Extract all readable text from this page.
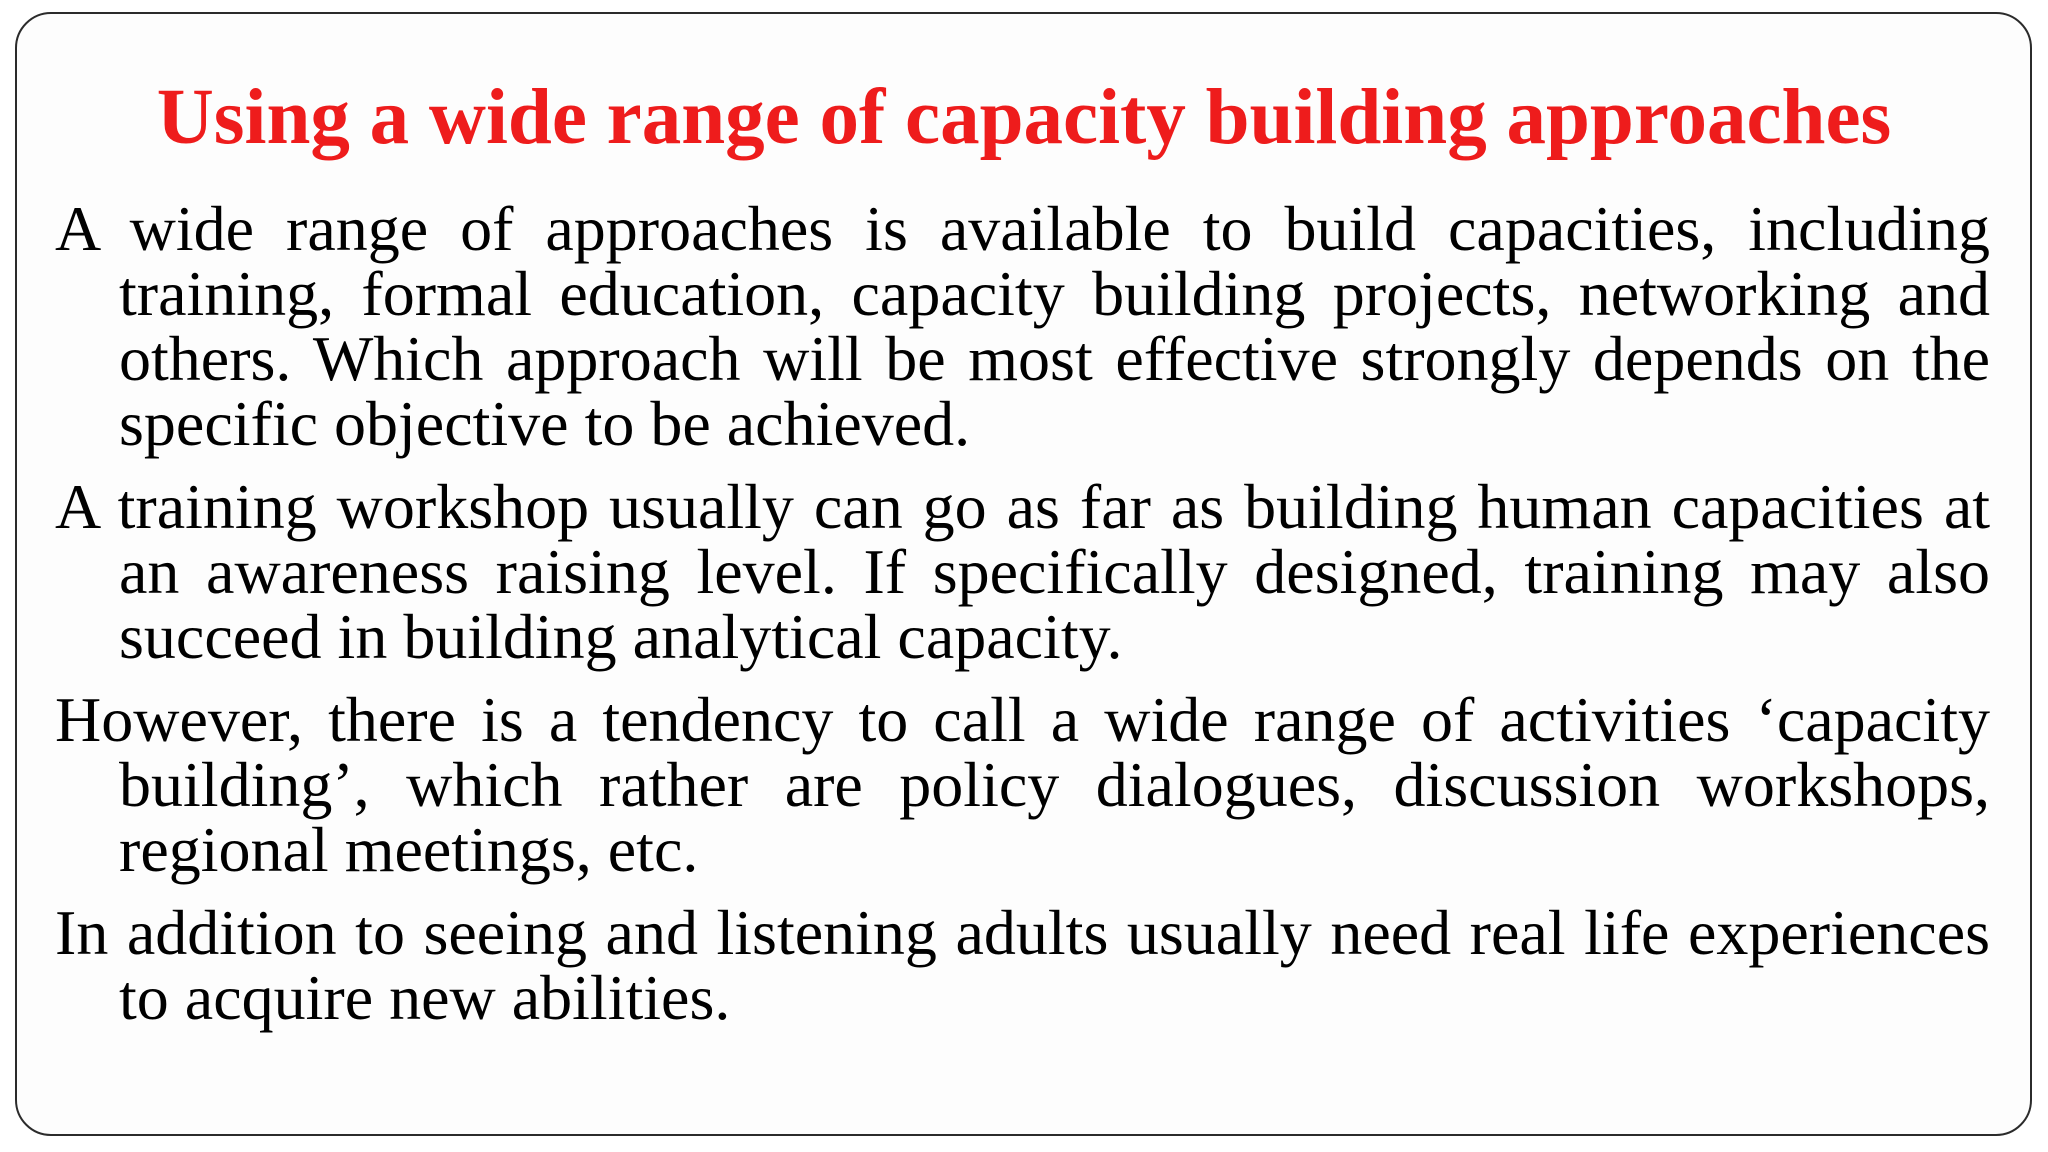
Using a wide range of capacity building approaches

A wide range of approaches is available to build capacities, including training, formal education, capacity building projects, networking and others. Which approach will be most effective strongly depends on the specific objective to be achieved.

A training workshop usually can go as far as building human capacities at an awareness raising level. If specifically designed, training may also succeed in building analytical capacity.

However, there is a tendency to call a wide range of activities ‘capacity building’, which rather are policy dialogues, discussion workshops, regional meetings, etc.

In addition to seeing and listening adults usually need real life experiences to acquire new abilities.
